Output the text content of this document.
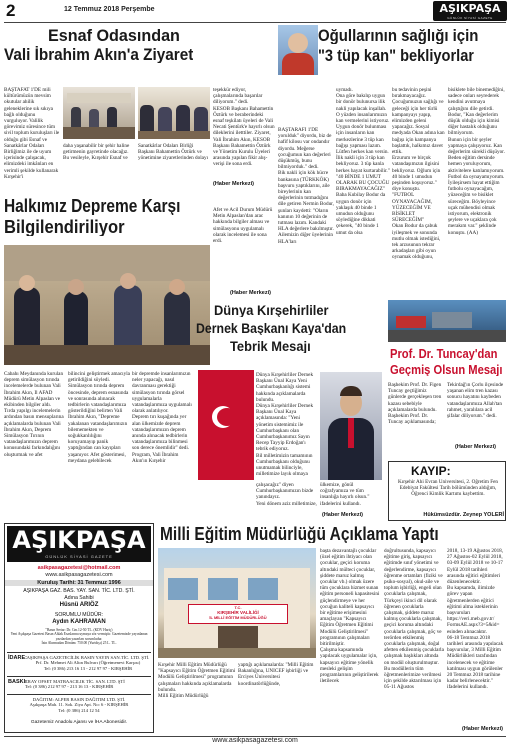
2	12 Temmuz 2018 Perşembe	AŞIKPAŞA
GÜNLÜK SİYASİ GAZETE
Esnaf Odasından
Vali İbrahim Akın'a Ziyaret
BAŞTAFAT 1'DE mili kültürümüzün mevsim okutular ahilik geleneklerine sık sıkıya bağlı olduğunu vurguluyor. Valilik görevimiz süresince tüm sivil toplum kuruluşları ile olduğu gibi Esnaf ve Sanatkârlar Odaları Birliğimiz ile de uyum içerisinde çalışacak, elimizdeki imkânları en verimli şekilde kullanarak Kırşehir'i
daha yaşanabilir bir şehir haline getirmenin gayretinde olacağız. Bu vesileyle, Kırşehir Esnaf ve
Sanatkârlar Odaları Birliği Başkanı Bahamettin Öztürk ve yönetimine ziyaretlerinden dolayı
teşekkür ediyor, çalışmalarında başarılar diliyorum." dedi.
KESOB Başkanı Bahamettin Öztürk ve beraberindeki esnaf teşkilatı üyeleri de Vali Necati Şentürk'e hayırlı olsun dileklerini iletttiler. Ziyaret,
Vali İbrahim Akın, KESOB Başkanı Bahamettin Öztürk ve Yönetim Kurulu Üyeleri arasında yapılan fikir alış-verişi ile sona erdi.
(Haber Merkezi)
Halkımız Depreme Karşı
Bilgilendiriliyor
Afet ve Acil Durum Müdürü Metin Alpaslan'dan arac hakkında bilgiler alması ve simülasyonu uygulamalı olarak incelemesi ile sona erdi.
(Haber Merkezi)
Cabahı Meydanında kurulan deprem simülasyon tırında incelemelerde bulunan Vali İbrahim Akın, Il AFAD Müdürü Metin Alpaslan ve ekibinden bilgiler aldı.
Tırda yapılgı incelemelerin ardından basın mensuplarına açıklamalarda bulunan Vali İbrahim Akın, Deprem Simülasyon Tırının vatandaşlarımızın deprem konusundaki farkındalığını oluşturmak ve afet
bilincini geliştirmek amacıyla getirildiğini söyledi.
Simülasyon tırında deprem öncesinde, deprem esnasında ve sonrasında alınacak tedbirlerin vatandaşlarımıza gösterildiğini belirten Vali İbrahim Akın, "Depreme yakalanan vatandaşlarımızın bilememekten ve soğukkanlılığını koruyamayıp panik yaptığından can kayıpları yaşanıyor. Afet gösterimesi, meydana gelebilecek
bir depremde insanlarımızın neler yapacağı, nasıl davranması gerektiği simülasyon tırında görsel uygulamalarla vatandaşlarımıza uygulamalı olarak anlatılıyor.
Deprem tırı kuşağında yer alan ülkemizde deprem vatandaşlarımızın deprem anında alınacak tedbirlerin vatandaşlarımıza bilinmesi son derece önemlidir" dedi.
Program, Vali İbrahim Akın'ın Kırşehir
Oğullarının sağlığı için
"3 tüp kan" bekliyorlar
BAŞTARAFI 1'DE yorulduk" diyordu, biz de hafif kilosu var ondandır diyordu. Meğerse çocuğumun kan değerleri düşükmüş, bunu bilmiyorduk." dedi.
Bik nakli için kök hücre bankasına (TÜRKKÖK) başvuru yaptıklarını, aile bireylerinin kan değerlerinin tutmadığını dile getiren Nermin Bodur, şunları kaydetti: "Oların kanının 10 değerinin de tutması lazım. Kandaki HLA değerlere bakılmıştır.
Ailemizin diğer üyelerinin HLA'ları
uymadı.
Ona göre bakılıp uygun bir donör bulunursa ilik nakli yapılacak inşallah. O yüzden insanlarımızın kan vermelerini istiyoruz.
Uygun donör bulunması için insanların kan merkezlerine 3 tüp kan bağışı yapması lazım.
Lütfen herkes kan versin. İlik nakli için 3 tüp kan bekliyoruz. 3 tüp kanla herkes hayat kurtarabilir."
"40 BİNDE 1 UMUT OLARAK BU ÇOCUĞU BIRAKMAYACAĞIZ"
Baba Kubilay Bodur da uygun donör için yaklaşık 40 binde 1 umudun olduğunu söylediğine dikkati çekerek, "40 binde 1 umut da olsa
bu tedavinin peşini bırakmayacağız.
Çocuğumuzun sağlığı ve geleceği için her türlü kampanyayı yapıp, elimizden geleni yapacağız. Sosyal medyada Okan adına kan bağışı için kampanya başlattık, halkımız davet ettik.
Erzurum ve birçok vatandaşımızın ilgisini bekliyoruz. Oğlum için 40 binde 1 umudun peşinden koşuyoruz." diye konuştu.
"FUTBOL OYNAYACAĞIM, YÜZECEĞİM VE BİSİKLET SÜRECEĞİM"
Okan Bodur da çabuk iyileşmek ve sonunda mutlu olmak istediğini, tek arzusunun tekrar arkadaşları gibi oyun oynamak olduğunu,
bisiklete bile binemediğini, sadece onları seyrederek kendini avutmaya çalıştığını dile getirdi.
Bodur, "Kan değerlerim düşük olduğu için kimisi diğer hastalık olduğunu bilmiyorum.
Bunun için bir şeyler yapmaya çalışıyoruz. Kan değerlerim sürekli düşüyor. Beden eğitim dersinde hemen yoruluyorum, aktivitelere katılamıyorum. Futbol da oynayamıyorum. İyileşirsem hayat ettiğim futbolu oynayacağım, yüzeceğim ve bisiklet süreceğim. Böyleyince uçak mühendisi olmak istiyorum, elektronik şeylere ve uçaklara çok merakım var." şeklinde konuştu. (AA)
Dünya Kırşehirliler
Dernek Başkanı Kaya'dan
Tebrik Mesajı
Dünya Kırşehirliler Dernek Başkanı Ünal Kaya Yeni Cumhurbaşkanlığı sistemi hakkında açıklamalarda bulundu.
Dünya Kırşehirliler Dernek Başkanı Ünal Kaya açıklamasında: "Yeni yönetim sistemimiz ile Cumhurbaşkanı olan Cumhurbaşkanımız Sayın Recep Tayyip Erdoğan'ı tebrik ediyoruz.
Bil milletimizin tamamının Cumhurbaşkanı olduğunu unutmamak bilinciyle, milletimize layık olmaya
çalışacağız" diyen Cumhurbaşkanımızın bizde yanındayız.
Yeni dönem aziz milletimize,
ülkemize, gönül coğrafyamıza ve tüm insanlığa hayırlı olsun." ifadelerini kullandı.
(Haber Merkezi)
Prof. Dr. Tuncay'dan
Geçmiş Olsun Mesajı
Başhekim Prof. Dr. Figen Tuncay geçtiğimiz günlerde gerçekleşen tren kazası sebebiyle açıklamalarda bulundu.
Başhekim Prof. Dr. Tuncay açıklamasında;
Tekirdağ'ın Çorlu ilçesinde yaşanan elim tren kazası sonucu hayatını kaybeden vatandaşlarımıza Allah'tan rahmet, yaralılara acil şifalar diliyorum." dedi.
(Haber Merkezi)
KAYIP:
Kırşehir Ahi Evran Üniversitesi, 2. Öğretim Fen Edebiyat Fakültesi Tarih bölümünden aldığım, Öğrenci Kimlik Kartımı kaybettim.
Hükümsüzdür. Zeynep YOLERİ
AŞIKPAŞA
GÜNLÜK SİYASİ GAZETE
asikpasagazetesi@hotmail.com
www.asikpasagazetesi.com
Kuruluş Tarihi: 31 Temmuz 1996
AŞIKPAŞA GAZ. BAS. YAY. SAN. TİC. LTD. ŞTİ.
Adına Sahibi
Hüsnü ARIÖZ
SORUMLU MÜDÜR:
Aydın KAHRAMAN
"Basın Seriar: Dr. Cm.12-50 TL. (KDV Hariç)
Yeni Aşıkpaşa Gazetesi Basın Ahlak Esaslarına uymaya söz vermiştir. Gazetemizde yayınlanan yazılardan yazarları sorumludur.
İzin Alınmadan Dönüm: 750.00 (Yurtdışı) 25 L. TL.
İDARE: AŞIKPAŞA GAZETECİLİK BASIN YAYIN SAN.TİC. LTD. ŞTİ.
Prf. Dr. Mehmet Ali Altın Bulvarı (Öğretmenevi Karşısı)
Tel: (0 386) 213 16 13 - 212 97 97 - KIRŞEHİR
BASKI:
ERAY OFSET MATBAACILIK TİC. SAN. LTD. ŞTİ
Tel: (0 386) 212 97 97 - 213 16 13 - KIRŞEHİR
DAĞITIM: ALPER BASIN DAĞITIM LTD. ŞTİ.
Aşıkpaşa Mah. 11. Sok. Ziya Apt. No: 6 - KIRŞEHİR
Tel: (0 386) 214 12 54
Gazetemiz Anadolu Ajansı ve İHA Abonesidir.
Milli Eğitim Müdürlüğü Açıklama Yaptı
T.C.
KIRŞEHİR VALİLİĞİ
İL MİLLÎ EĞİTİM MÜDÜRLÜĞÜ
Kırşehir Milli Eğitim Müdürlüğü "Kapsayıcı Eğitim Öğretmen Eğitimi Modülü Geliştirilmesi" programının çalışmaları hakkında açıklamalarda bulundu.
Milli Eğitim Müdürlüğü
yaptığı açıklamalarda: "Milli Eğitim Bakanlığına, UNICEF işbirliği ve Erciyes Üniversitesi koordinatörlüğünde,
başta dezavantajlı çocuklar (özel eğitim ihtiyacı olan çocuklar, geçici koruma altındaki mülteci çocuklar, şiddete maruz kalmış çocuklar vb.) olmak üzere tüm çocuklara hizmet sunan eğitim personeli kapasitesini güçlendirmeye ve her çocuğun kaliteli kapsayıcı bir eğitime erişimesini amaçlayan "Kapsayıcı Eğitim Öğretmen Eğitimi Modülü Geliştirilmesi" programının çalışmaları bitirilmiştir.
Çalışma kapsamında yapılacak uygulamalar için, kapsayıcı eğitime yönelik mesleki gelişim programlarının geliştirilerek iletilecek
doğrultusunda, kapsayıcı eğitime giriş, kapsayıcı eğitimde sınıf yönetimi ve değerlendirme, kapsayıcı öğrenme ortamları (fiziki ve psiko-sosyal), okul-aile ve toplum işbirliği, engeli olan çocuklarla çalışmak, Türkçeyi ikinci dil olarak öğrenen çocuklarla çalışmak, şiddete maruz kalmış çocuklarla çalışmak, geçici koruma altındaki çocuklarla çalışmak, göç ve terörden etkilenmiş çocuklarla çalışmak, doğal afetten etkilenmiş çocuklarla çalışmak başlıkları altında on modül oluşturulmuştur. Bu modüllerin tüm öğretmenlerimize verilmesi için şekilde aktarılması için 05-11 Ağustos
2018, 13-19 Ağustos 2018, 27 Ağustos-02 Eylül 2018, 03-09 Eylül 2018 ve 10-17 Eylül 2018 tarihleri arasında eğitici eğitimleri düzenlenecektir.
Bu kapsamda, ilimizde görev yapan öğretmenlerden eğitici eğitimi alma isteklerinin başvuruları https://veri.meb.gov.tr/ FormsAE.aspx?3=5&id= esinden alınacaktır.
06-18 Temmuz 2018 tarihleri arasında yapılacak başvurular, 3 Milli Eğitim Müdürlükleri tarafından incelenecek ve eğitime katılması uygun görülenler 20 Temmuz 2018 tarihine kadar belirlenecektir." ifadelerini kullandı.
(Haber Merkezi)
www.asikpasagazetesi.com
